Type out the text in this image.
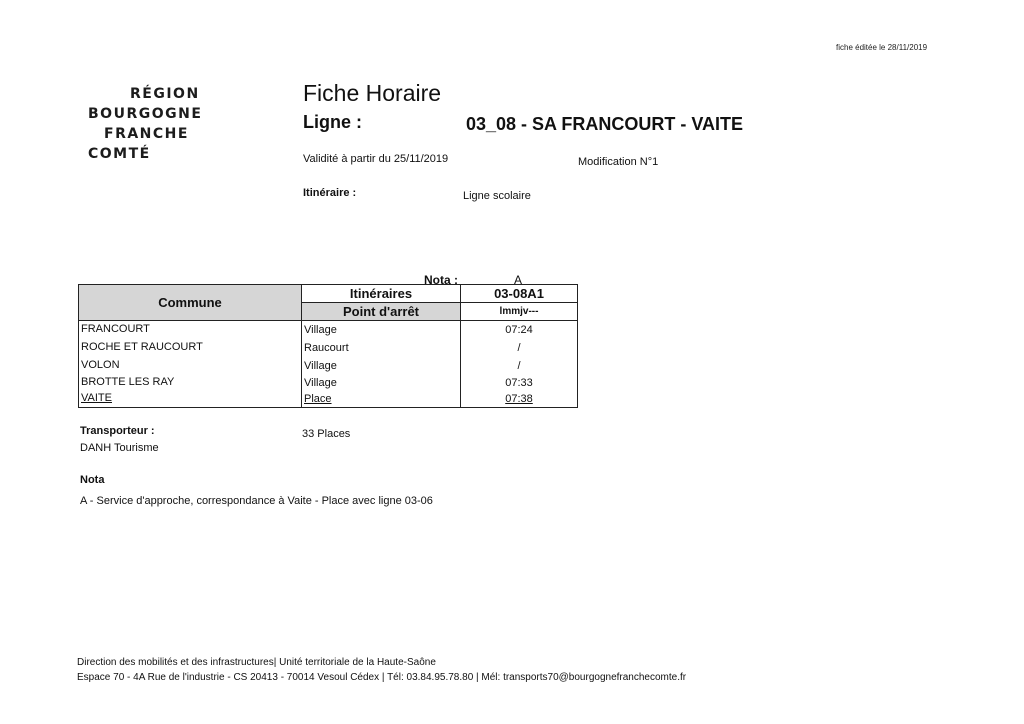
fiche éditée le 28/11/2019
RÉGION
BOURGOGNE
FRANCHE
COMTÉ
Fiche Horaire
Ligne :	03_08 - SA FRANCOURT - VAITE
Validité à partir du 25/11/2019	Modification N°1
Itinéraire :	Ligne scolaire
Nota :	A
Commune
Itinéraires
Point d'arrêt
03-08A1
lmmjv---
FRANCOURT	Village	07:24
ROCHE ET RAUCOURT	Raucourt	/
VOLON	Village	/
BROTTE LES RAY	Village	07:33
VAITE	Place	07:38
Transporteur :
DANH Tourisme
33 Places
Nota
A - Service d'approche, correspondance à Vaite - Place avec ligne 03-06
Direction des mobilités et des infrastructures| Unité territoriale de la Haute-Saône
Espace 70 - 4A Rue de l'industrie - CS 20413 - 70014 Vesoul Cédex | Tél: 03.84.95.78.80 | Mél: transports70@bourgognefranchecomte.fr
